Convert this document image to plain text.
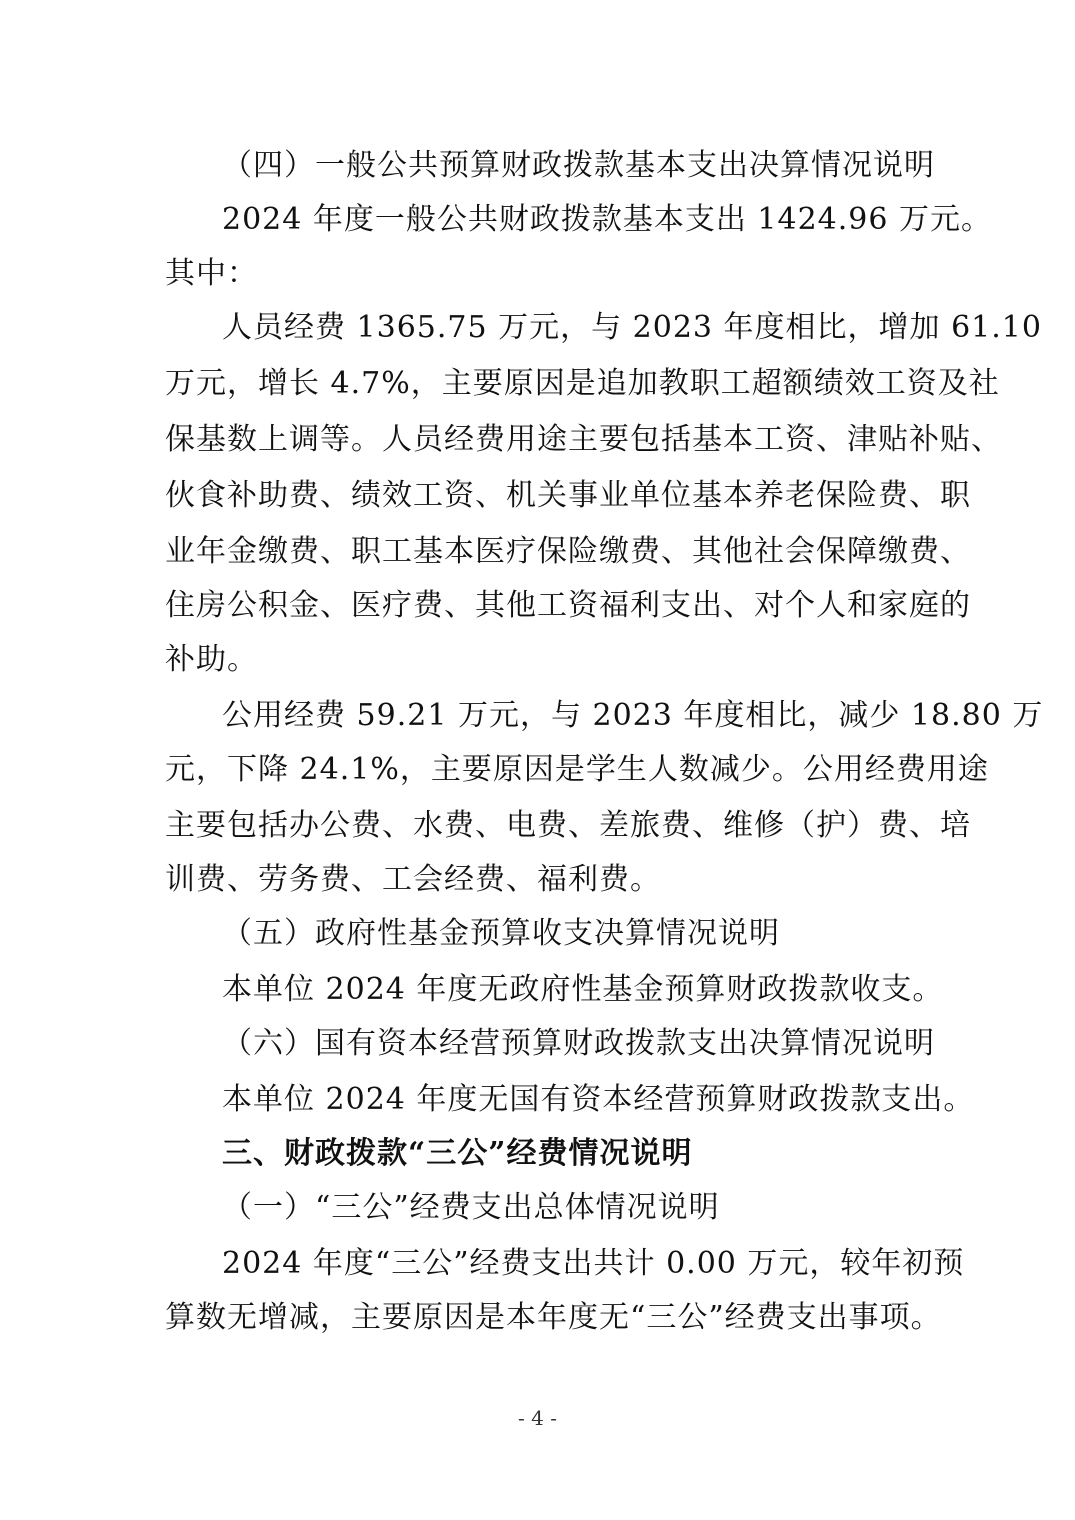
（四）一般公共预算财政拨款基本支出决算情况说明
2024 年度一般公共财政拨款基本支出 1424.96 万元。
其中：
人员经费 1365.75 万元，与 2023 年度相比，增加 61.10
万元，增长 4.7%，主要原因是追加教职工超额绩效工资及社
保基数上调等。人员经费用途主要包括基本工资、津贴补贴、
伙食补助费、绩效工资、机关事业单位基本养老保险费、职
业年金缴费、职工基本医疗保险缴费、其他社会保障缴费、
住房公积金、医疗费、其他工资福利支出、对个人和家庭的
补助。
公用经费 59.21 万元，与 2023 年度相比，减少 18.80 万
元，下降 24.1%，主要原因是学生人数减少。公用经费用途
主要包括办公费、水费、电费、差旅费、维修（护）费、培
训费、劳务费、工会经费、福利费。
（五）政府性基金预算收支决算情况说明
本单位 2024 年度无政府性基金预算财政拨款收支。
（六）国有资本经营预算财政拨款支出决算情况说明
本单位 2024 年度无国有资本经营预算财政拨款支出。
三、财政拨款“三公”经费情况说明
（一）“三公”经费支出总体情况说明
2024 年度“三公”经费支出共计 0.00 万元，较年初预
算数无增减，主要原因是本年度无“三公”经费支出事项。
- 4 -
